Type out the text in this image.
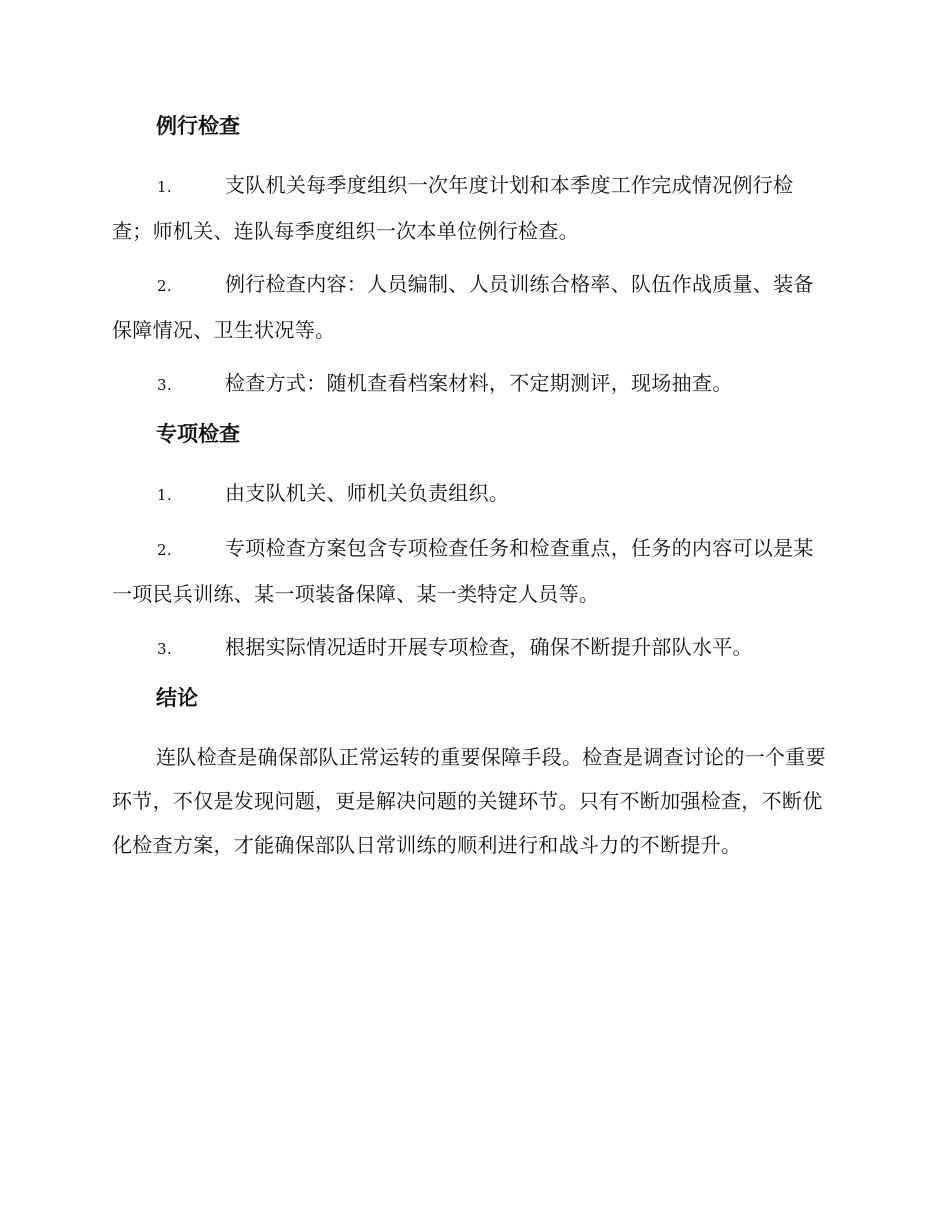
例行检查

1.	支队机关每季度组织一次年度计划和本季度工作完成情况例行检查；师机关、连队每季度组织一次本单位例行检查。

2.	例行检查内容：人员编制、人员训练合格率、队伍作战质量、装备保障情况、卫生状况等。

3.	检查方式：随机查看档案材料，不定期测评，现场抽查。

专项检查

1.	由支队机关、师机关负责组织。

2.	专项检查方案包含专项检查任务和检查重点，任务的内容可以是某一项民兵训练、某一项装备保障、某一类特定人员等。

3.	根据实际情况适时开展专项检查，确保不断提升部队水平。

结论

连队检查是确保部队正常运转的重要保障手段。检查是调查讨论的一个重要环节，不仅是发现问题，更是解决问题的关键环节。只有不断加强检查，不断优化检查方案，才能确保部队日常训练的顺利进行和战斗力的不断提升。
